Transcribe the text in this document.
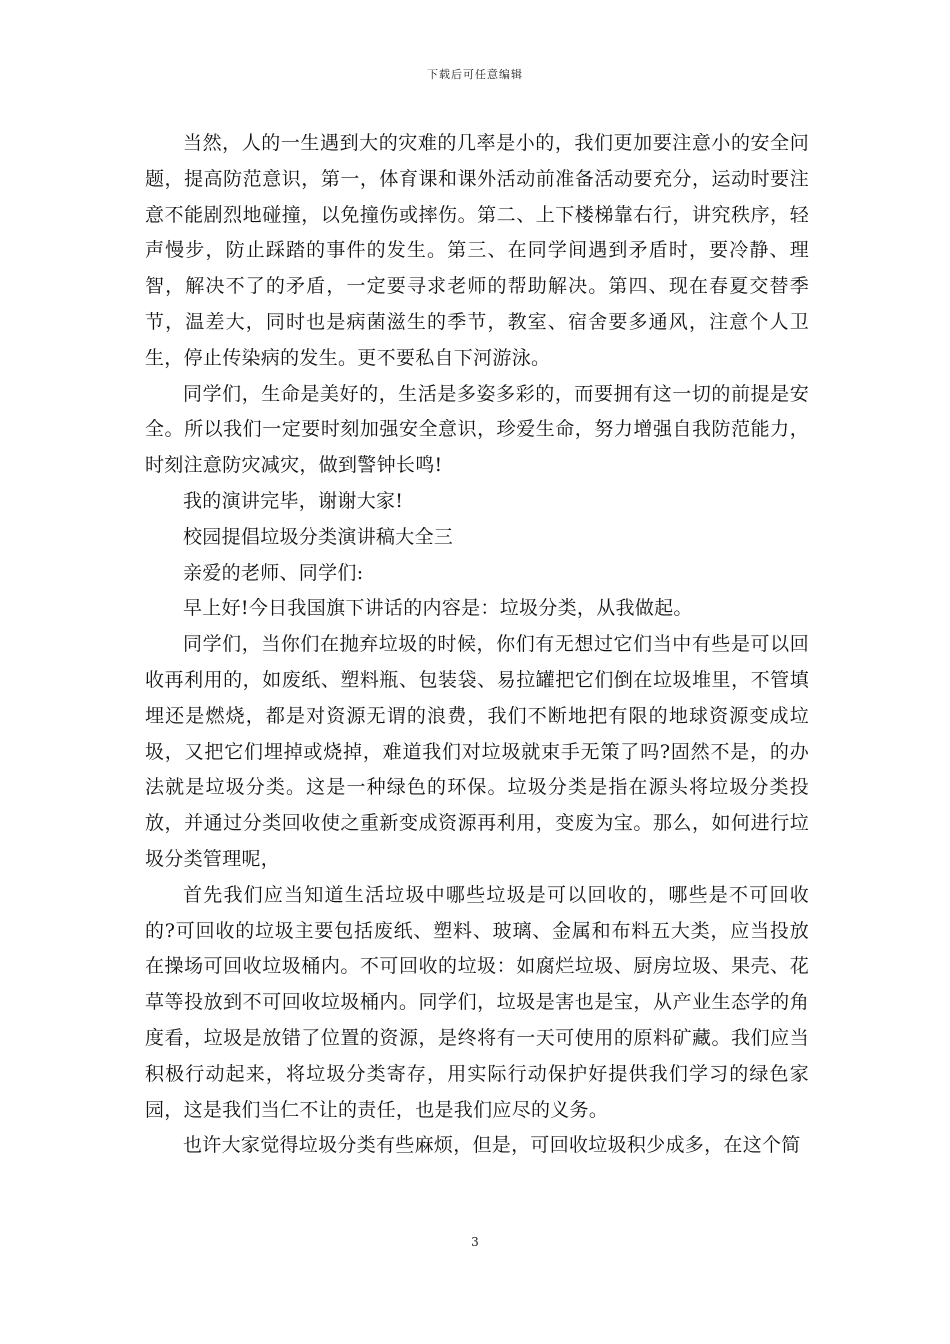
下载后可任意编辑

当然，人的一生遇到大的灾难的几率是小的，我们更加要注意小的安全问题，提高防范意识，第一，体育课和课外活动前准备活动要充分，运动时要注意不能剧烈地碰撞，以免撞伤或摔伤。第二、上下楼梯靠右行，讲究秩序，轻声慢步，防止踩踏的事件的发生。第三、在同学间遇到矛盾时，要冷静、理智，解决不了的矛盾，一定要寻求老师的帮助解决。第四、现在春夏交替季节，温差大，同时也是病菌滋生的季节，教室、宿舍要多通风，注意个人卫生，停止传染病的发生。更不要私自下河游泳。

同学们，生命是美好的，生活是多姿多彩的，而要拥有这一切的前提是安全。所以我们一定要时刻加强安全意识，珍爱生命，努力增强自我防范能力，时刻注意防灾减灾，做到警钟长鸣!

我的演讲完毕，谢谢大家!

校园提倡垃圾分类演讲稿大全三

亲爱的老师、同学们:

早上好!今日我国旗下讲话的内容是：垃圾分类，从我做起。

同学们，当你们在抛弃垃圾的时候，你们有无想过它们当中有些是可以回收再利用的，如废纸、塑料瓶、包装袋、易拉罐把它们倒在垃圾堆里，不管填埋还是燃烧，都是对资源无谓的浪费，我们不断地把有限的地球资源变成垃圾，又把它们埋掉或烧掉，难道我们对垃圾就束手无策了吗?固然不是，的办法就是垃圾分类。这是一种绿色的环保。垃圾分类是指在源头将垃圾分类投放，并通过分类回收使之重新变成资源再利用，变废为宝。那么，如何进行垃圾分类管理呢，

首先我们应当知道生活垃圾中哪些垃圾是可以回收的，哪些是不可回收的?可回收的垃圾主要包括废纸、塑料、玻璃、金属和布料五大类，应当投放在操场可回收垃圾桶内。不可回收的垃圾：如腐烂垃圾、厨房垃圾、果壳、花草等投放到不可回收垃圾桶内。同学们，垃圾是害也是宝，从产业生态学的角度看，垃圾是放错了位置的资源，是终将有一天可使用的原料矿藏。我们应当积极行动起来，将垃圾分类寄存，用实际行动保护好提供我们学习的绿色家园，这是我们当仁不让的责任，也是我们应尽的义务。

也许大家觉得垃圾分类有些麻烦，但是，可回收垃圾积少成多，在这个简

3
